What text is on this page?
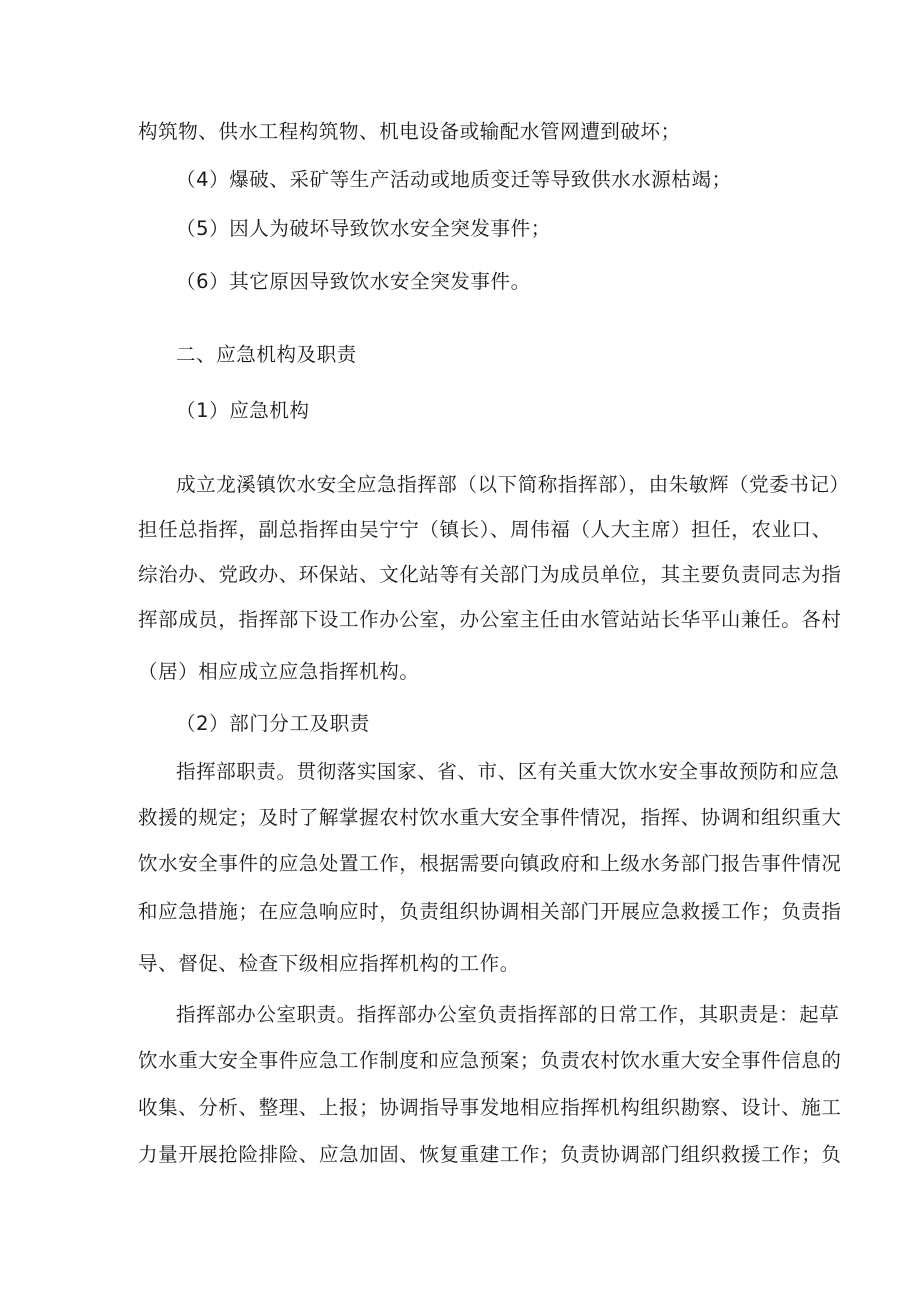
构筑物、供水工程构筑物、机电设备或输配水管网遭到破坏；
（4）爆破、采矿等生产活动或地质变迁等导致供水水源枯竭；
（5）因人为破坏导致饮水安全突发事件；
（6）其它原因导致饮水安全突发事件。
二、应急机构及职责
（1）应急机构
成立龙溪镇饮水安全应急指挥部（以下简称指挥部），由朱敏辉（党委书记）
担任总指挥，副总指挥由吴宁宁（镇长）、周伟福（人大主席）担任，农业口、
综治办、党政办、环保站、文化站等有关部门为成员单位，其主要负责同志为指
挥部成员，指挥部下设工作办公室，办公室主任由水管站站长华平山兼任。各村
（居）相应成立应急指挥机构。
（2）部门分工及职责
指挥部职责。贯彻落实国家、省、市、区有关重大饮水安全事故预防和应急
救援的规定；及时了解掌握农村饮水重大安全事件情况，指挥、协调和组织重大
饮水安全事件的应急处置工作，根据需要向镇政府和上级水务部门报告事件情况
和应急措施；在应急响应时，负责组织协调相关部门开展应急救援工作；负责指
导、督促、检查下级相应指挥机构的工作。
指挥部办公室职责。指挥部办公室负责指挥部的日常工作，其职责是：起草
饮水重大安全事件应急工作制度和应急预案；负责农村饮水重大安全事件信息的
收集、分析、整理、上报；协调指导事发地相应指挥机构组织勘察、设计、施工
力量开展抢险排险、应急加固、恢复重建工作；负责协调部门组织救援工作；负
